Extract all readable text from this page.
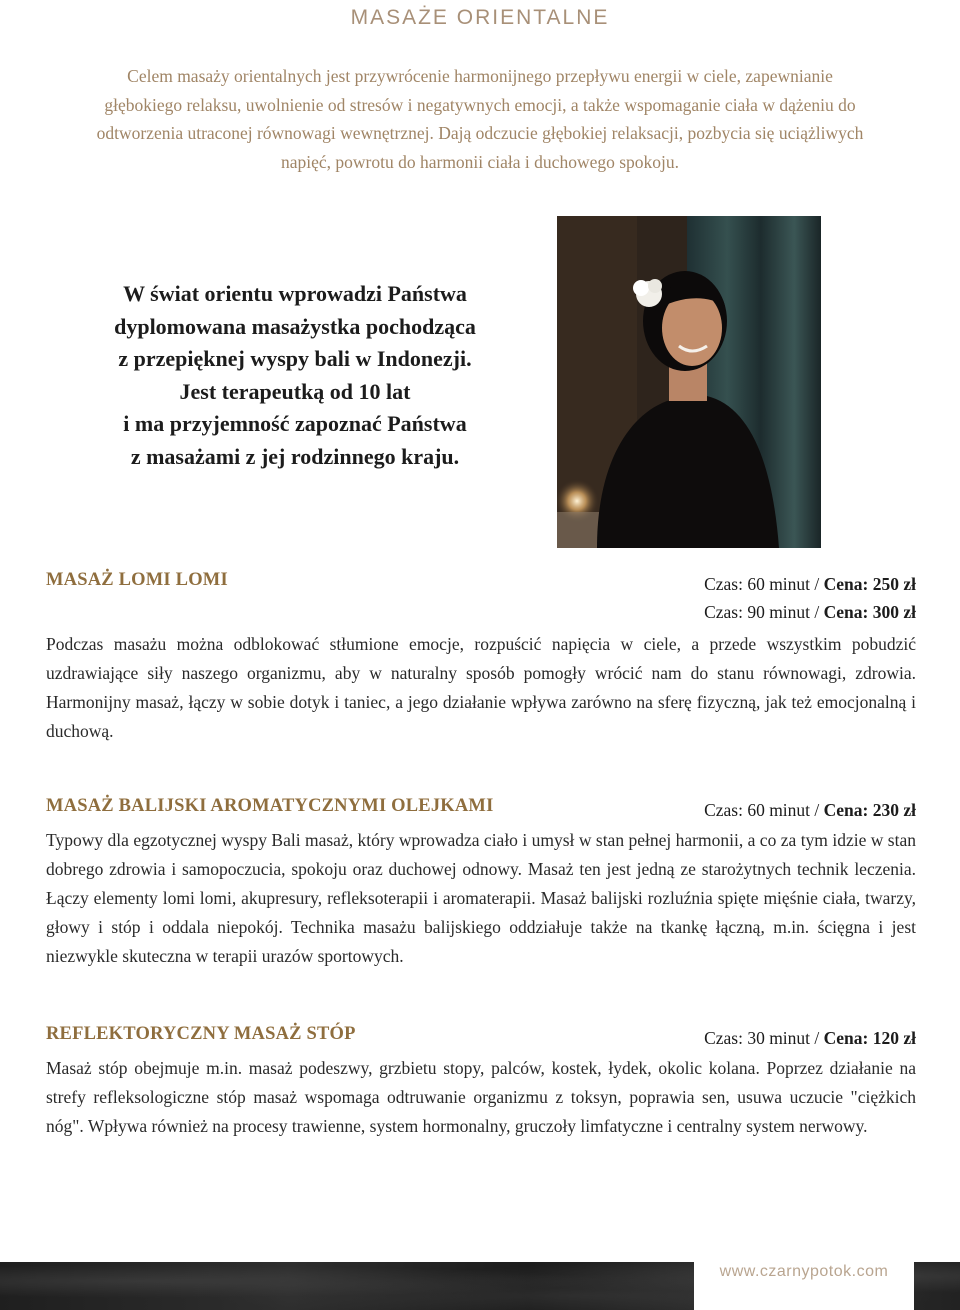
MASAŻE ORIENTALNE
Celem masaży orientalnych jest przywrócenie harmonijnego przepływu energii w ciele, zapewnianie
głębokiego relaksu, uwolnienie od stresów i negatywnych emocji, a także wspomaganie ciała w dążeniu do
odtworzenia utraconej równowagi wewnętrznej. Dają odczucie głębokiej relaksacji, pozbycia się uciążliwych
napięć, powrotu do harmonii ciała i duchowego spokoju.
W świat orientu wprowadzi Państwa
dyplomowana masażystka pochodząca
z przepięknej wyspy bali w Indonezji.
Jest terapeutką od 10 lat
i ma przyjemność zapoznać Państwa
z masażami z jej rodzinnego kraju.
MASAŻ LOMI LOMI	Czas: 60 minut / Cena: 250 zł
Czas: 90 minut / Cena: 300 zł

Podczas masażu można odblokować stłumione emocje, rozpuścić napięcia w ciele, a przede wszystkim pobudzić uzdrawiające siły naszego organizmu, aby w naturalny sposób pomogły wrócić nam do stanu równowagi, zdrowia. Harmonijny masaż, łączy w sobie dotyk i taniec, a jego działanie wpływa zarówno na sferę fizyczną, jak też emocjonalną i duchową.

MASAŻ BALIJSKI AROMATYCZNYMI OLEJKAMI	Czas: 60 minut / Cena: 230 zł

Typowy dla egzotycznej wyspy Bali masaż, który wprowadza ciało i umysł w stan pełnej harmonii, a co za tym idzie w stan dobrego zdrowia i samopoczucia, spokoju oraz duchowej odnowy. Masaż ten jest jedną ze starożytnych technik leczenia. Łączy elementy lomi lomi, akupresury, refleksoterapii i aromaterapii. Masaż balijski rozluźnia spięte mięśnie ciała, twarzy, głowy i stóp i oddala niepokój. Technika masażu balijskiego oddziałuje także na tkankę łączną, m.in. ścięgna i jest niezwykle skuteczna w terapii urazów sportowych.

REFLEKTORYCZNY MASAŻ STÓP	Czas: 30 minut / Cena: 120 zł

Masaż stóp obejmuje m.in. masaż podeszwy, grzbietu stopy, palców, kostek, łydek, okolic kolana. Poprzez działanie na strefy refleksologiczne stóp masaż wspomaga odtruwanie organizmu z toksyn, poprawia sen, usuwa uczucie "ciężkich nóg". Wpływa również na procesy trawienne, system hormonalny, gruczoły limfatyczne i centralny system nerwowy.

www.czarnypotok.com
